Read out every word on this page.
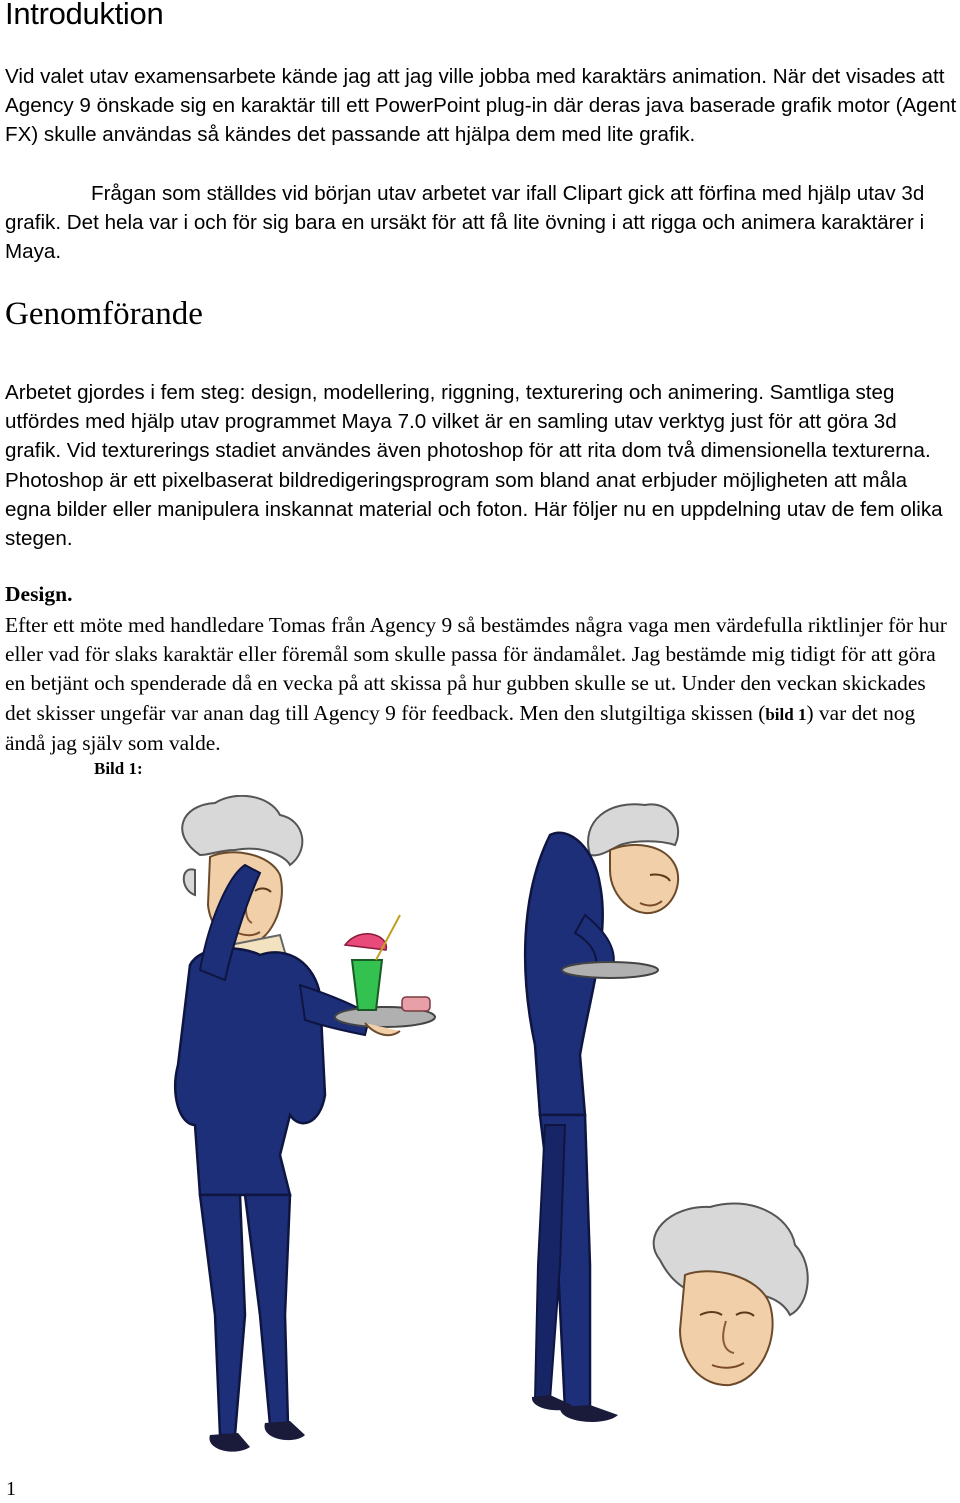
Introduktion

Vid valet utav examensarbete kände jag att jag ville jobba med karaktärs animation. När det visades att Agency 9 önskade sig en karaktär till ett PowerPoint plug-in där deras java baserade grafik motor (Agent FX) skulle användas så kändes det passande att hjälpa dem med lite grafik.

Frågan som ställdes vid början utav arbetet var ifall Clipart gick att förfina med hjälp utav 3d grafik. Det hela var i och för sig bara en ursäkt för att få lite övning i att rigga och animera karaktärer i Maya.

Genomförande

Arbetet gjordes i fem steg: design, modellering, riggning, texturering och animering. Samtliga steg utfördes med hjälp utav programmet Maya 7.0 vilket är en samling utav verktyg just för att göra 3d grafik. Vid texturerings stadiet användes även photoshop för att rita dom två dimensionella texturerna. Photoshop är ett pixelbaserat bildredigeringsprogram som bland anat erbjuder möjligheten att måla egna bilder eller manipulera inskannat material och foton. Här följer nu en uppdelning utav de fem olika stegen.

Design.

Efter ett möte med handledare Tomas från Agency 9 så bestämdes några vaga men värdefulla riktlinjer för hur eller vad för slaks karaktär eller föremål som skulle passa för ändamålet. Jag bestämde mig tidigt för att göra en betjänt och spenderade då en vecka på att skissa på hur gubben skulle se ut. Under den veckan skickades det skisser ungefär var anan dag till Agency 9 för feedback. Men den slutgiltiga skissen (bild 1) var det nog ändå jag själv som valde.

Bild 1:

1
